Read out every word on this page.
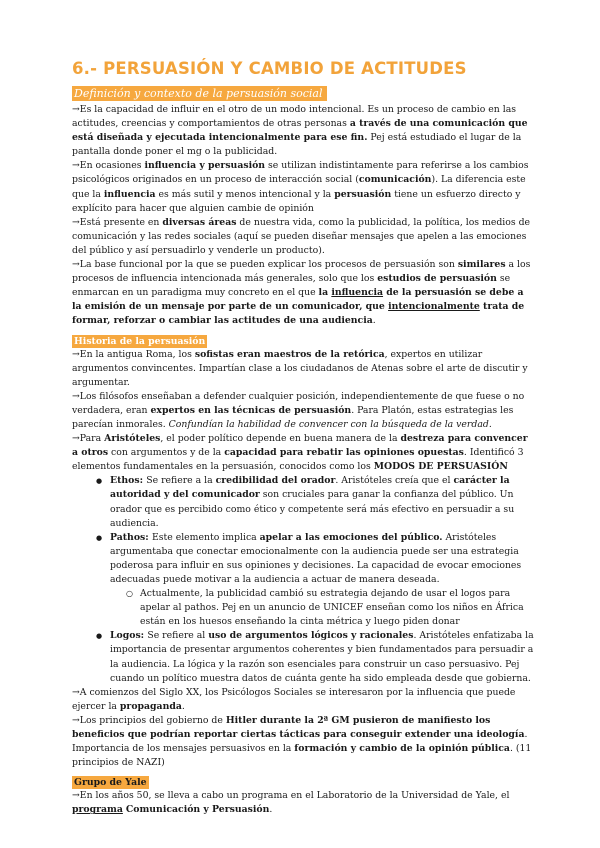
6.- PERSUASIÓN Y CAMBIO DE ACTITUDES
Definición y contexto de la persuasión social

→Es la capacidad de influir en el otro de un modo intencional. Es un proceso de cambio en las actitudes, creencias y comportamientos de otras personas a través de una comunicación que está diseñada y ejecutada intencionalmente para ese fin. Pej está estudiado el lugar de la pantalla donde poner el mg o la publicidad.

→En ocasiones influencia y persuasión se utilizan indistintamente para referirse a los cambios psicológicos originados en un proceso de interacción social (comunicación). La diferencia este que la influencia es más sutil y menos intencional y la persuasión tiene un esfuerzo directo y explícito para hacer que alguien cambie de opinión

→Está presente en diversas áreas de nuestra vida, como la publicidad, la política, los medios de comunicación y las redes sociales (aquí se pueden diseñar mensajes que apelen a las emociones del público y así persuadirlo y venderle un producto).

→La base funcional por la que se pueden explicar los procesos de persuasión son similares a los procesos de influencia intencionada más generales, solo que los estudios de persuasión se enmarcan en un paradigma muy concreto en el que la influencia de la persuasión se debe a la emisión de un mensaje por parte de un comunicador, que intencionalmente trata de formar, reforzar o cambiar las actitudes de una audiencia.

Historia de la persuasión

→En la antigua Roma, los sofistas eran maestros de la retórica, expertos en utilizar argumentos convincentes. Impartían clase a los ciudadanos de Atenas sobre el arte de discutir y argumentar.

→Los filósofos enseñaban a defender cualquier posición, independientemente de que fuese o no verdadera, eran expertos en las técnicas de persuasión. Para Platón, estas estrategias les parecían inmorales. Confundían la habilidad de convencer con la búsqueda de la verdad.

→Para Aristóteles, el poder político depende en buena manera de la destreza para convencer a otros con argumentos y de la capacidad para rebatir las opiniones opuestas. Identificó 3 elementos fundamentales en la persuasión, conocidos como los MODOS DE PERSUASIÓN

● Ethos: Se refiere a la credibilidad del orador. Aristóteles creía que el carácter la autoridad y del comunicador son cruciales para ganar la confianza del público. Un orador que es percibido como ético y competente será más efectivo en persuadir a su audiencia.
● Pathos: Este elemento implica apelar a las emociones del público. Aristóteles argumentaba que conectar emocionalmente con la audiencia puede ser una estrategia poderosa para influir en sus opiniones y decisiones. La capacidad de evocar emociones adecuadas puede motivar a la audiencia a actuar de manera deseada.
○ Actualmente, la publicidad cambió su estrategia dejando de usar el logos para apelar al pathos. Pej en un anuncio de UNICEF enseñan como los niños en África están en los huesos enseñando la cinta métrica y luego piden donar
● Logos: Se refiere al uso de argumentos lógicos y racionales. Aristóteles enfatizaba la importancia de presentar argumentos coherentes y bien fundamentados para persuadir a la audiencia. La lógica y la razón son esenciales para construir un caso persuasivo. Pej cuando un político muestra datos de cuánta gente ha sido empleada desde que gobierna.

→A comienzos del Siglo XX, los Psicólogos Sociales se interesaron por la influencia que puede ejercer la propaganda.

→Los principios del gobierno de Hitler durante la 2ª GM pusieron de manifiesto los beneficios que podrían reportar ciertas tácticas para conseguir extender una ideología. Importancia de los mensajes persuasivos en la formación y cambio de la opinión pública. (11 principios de NAZI)

Grupo de Yale

→En los años 50, se lleva a cabo un programa en el Laboratorio de la Universidad de Yale, el programa Comunicación y Persuasión.
